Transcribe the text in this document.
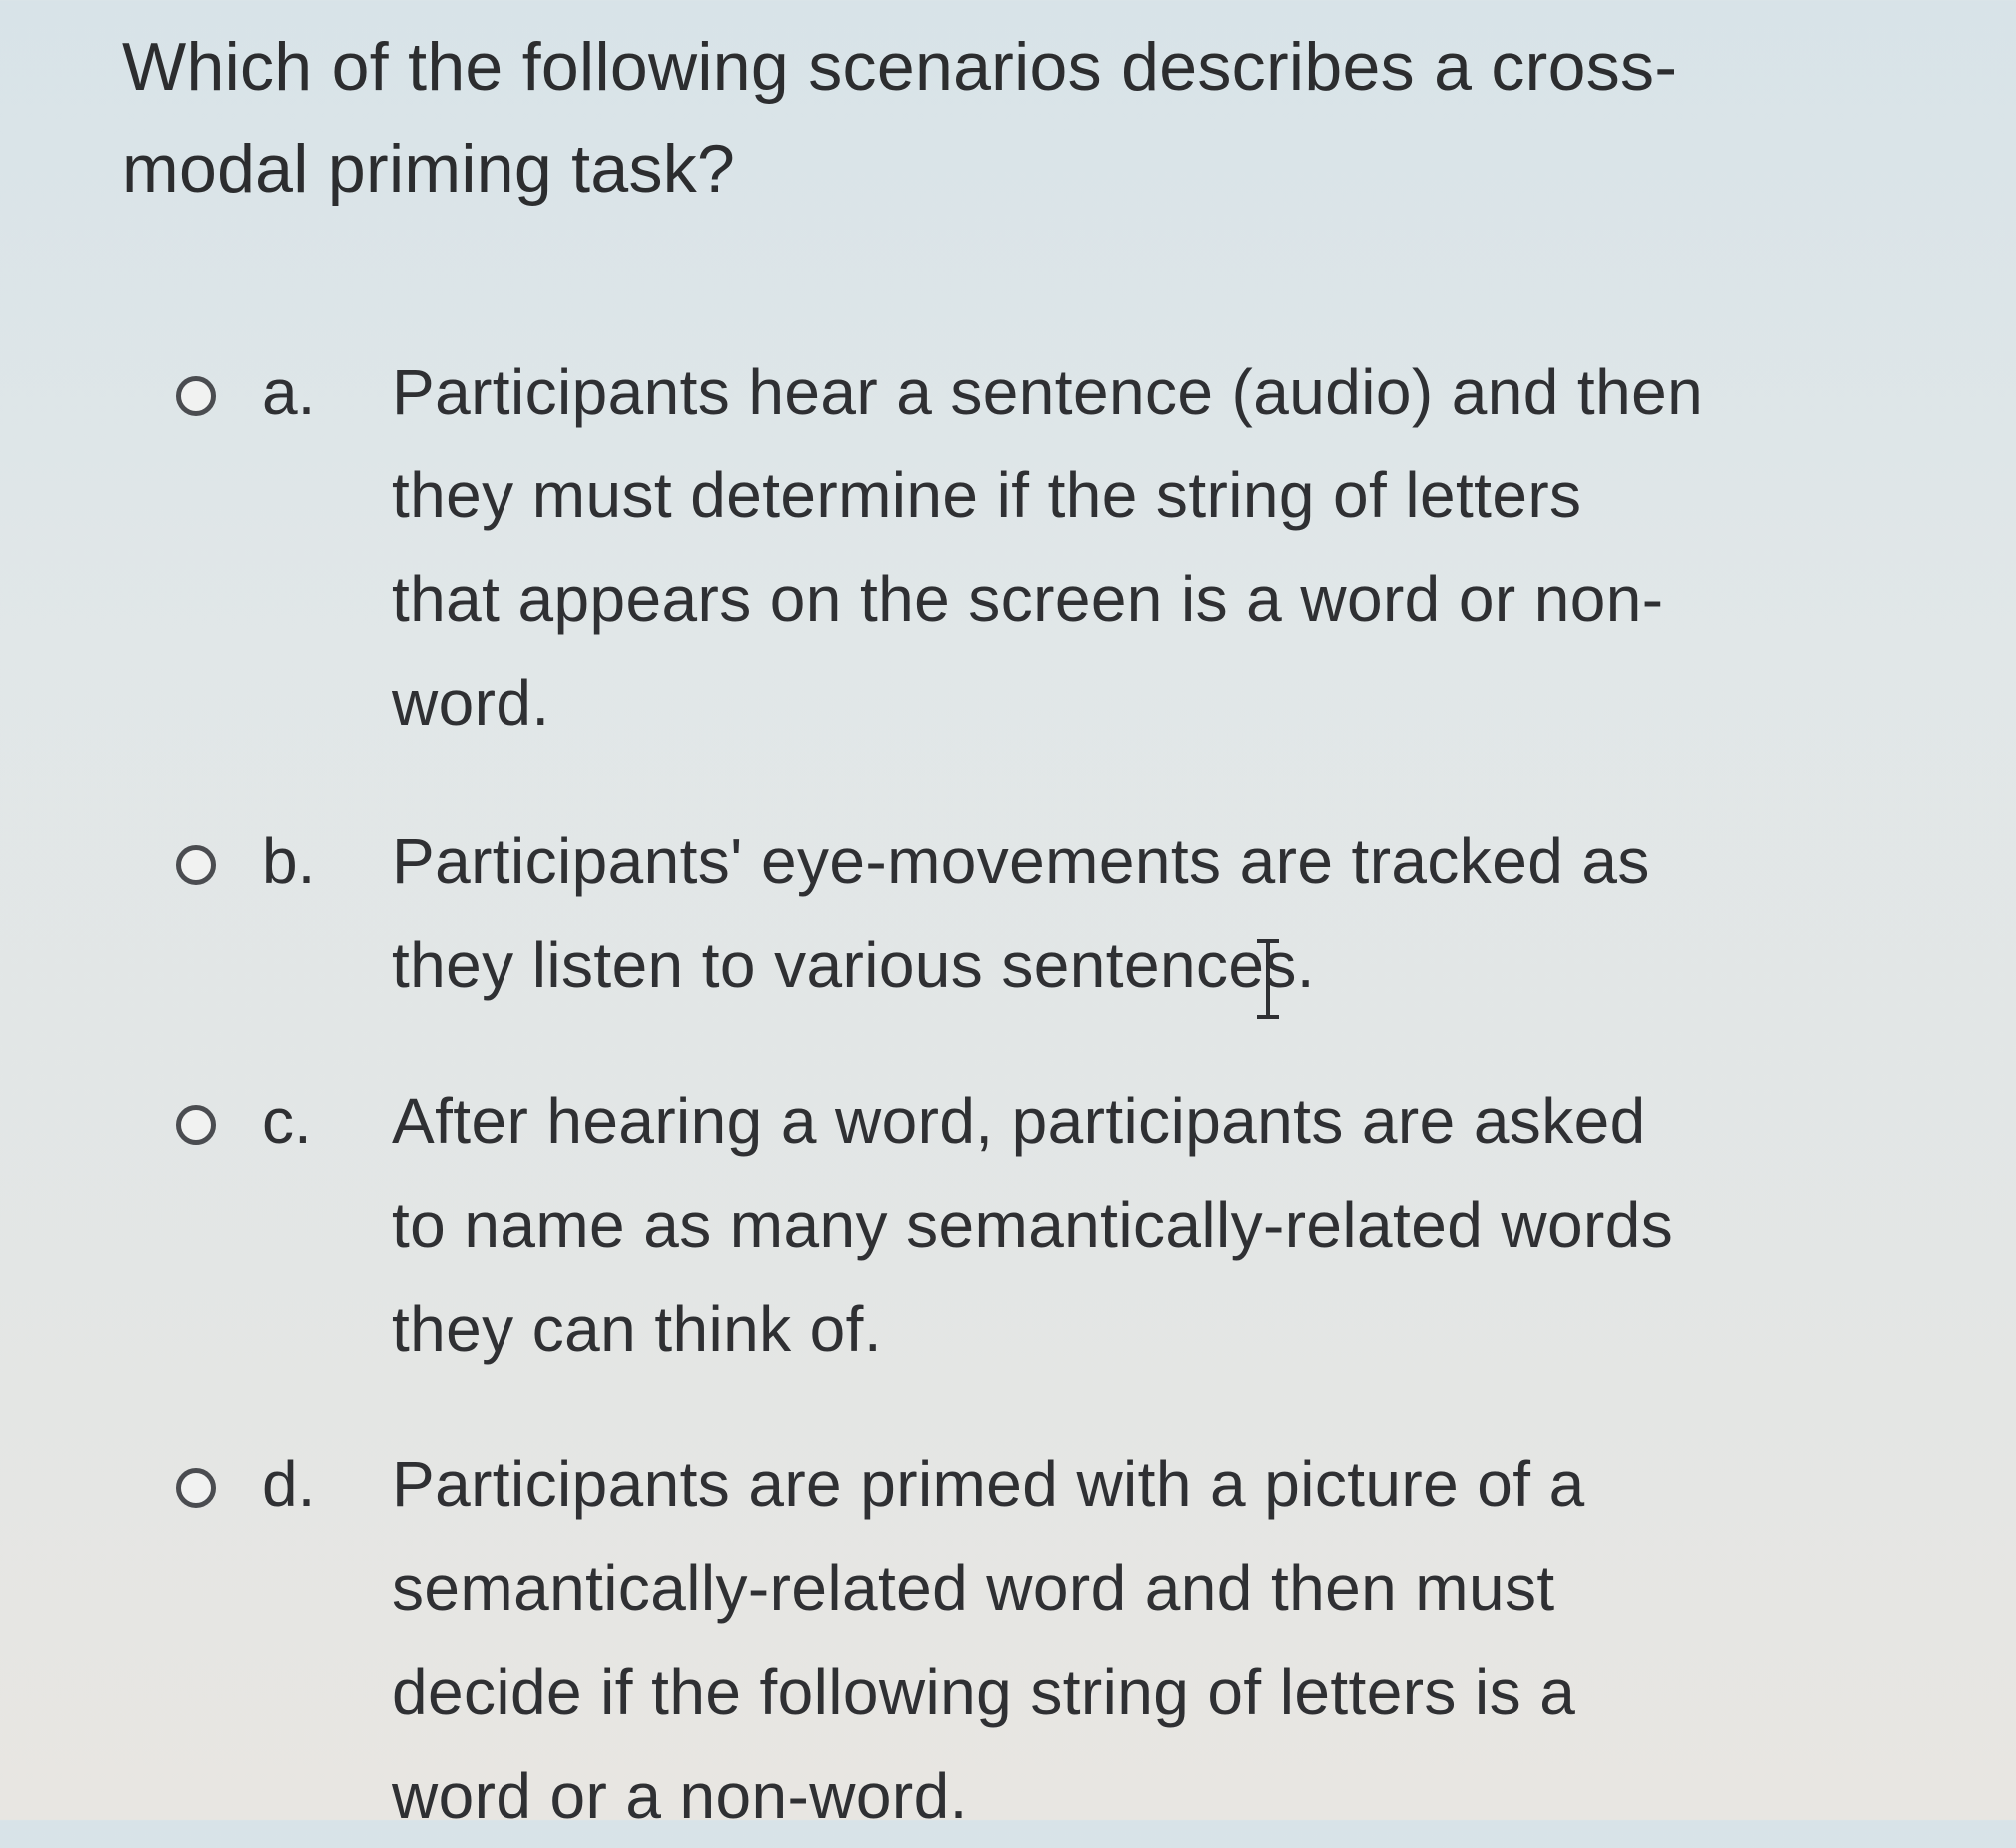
Which of the following scenarios describes a cross-
modal priming task?
a. Participants hear a sentence (audio) and then
they must determine if the string of letters
that appears on the screen is a word or non-
word.
b. Participants' eye-movements are tracked as
they listen to various sentences.
c. After hearing a word, participants are asked
to name as many semantically-related words
they can think of.
d. Participants are primed with a picture of a
semantically-related word and then must
decide if the following string of letters is a
word or a non-word.
